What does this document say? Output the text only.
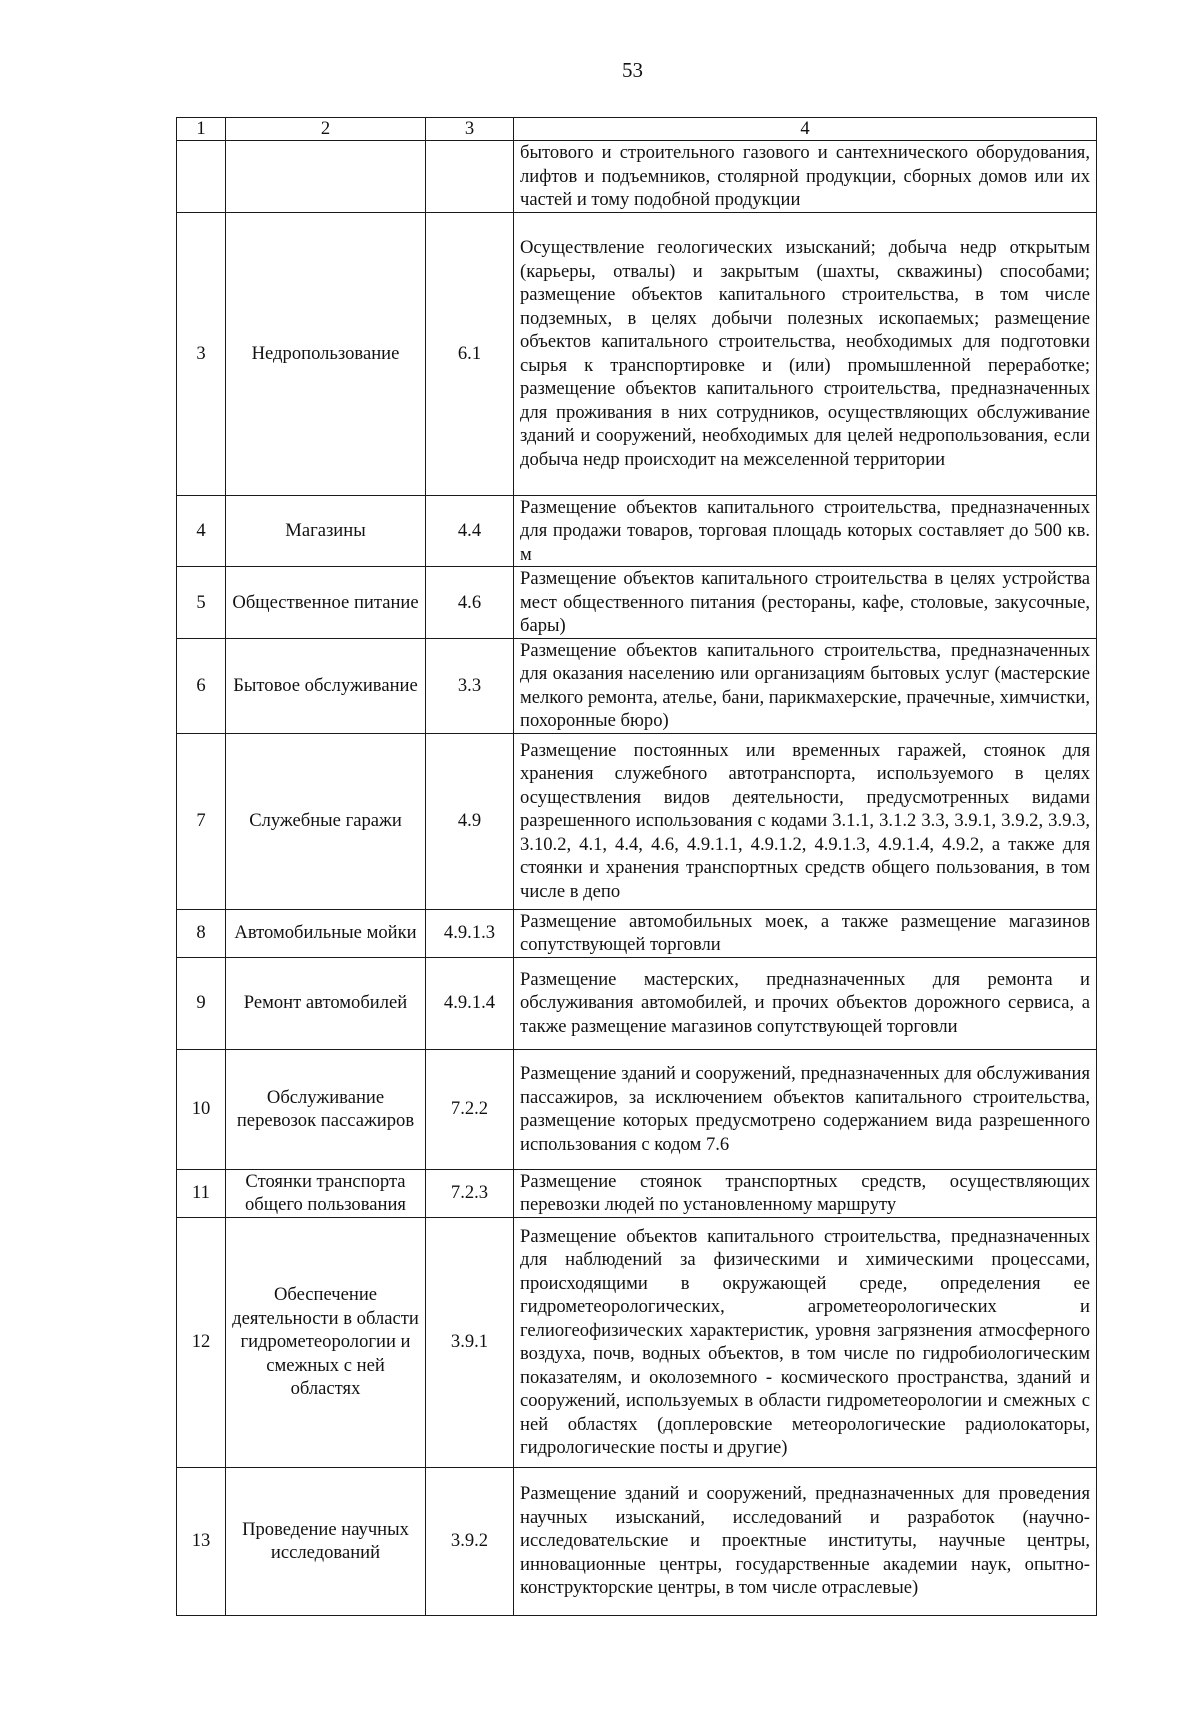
53
1	2	3	4
			бытового и строительного газового и сантехнического оборудования, лифтов и подъемников, столярной продукции, сборных домов или их частей и тому подобной продукции
3	Недропользование	6.1	Осуществление геологических изысканий; добыча недр открытым (карьеры, отвалы) и закрытым (шахты, скважины) способами; размещение объектов капитального строительства, в том числе подземных, в целях добычи полезных ископаемых; размещение объектов капитального строительства, необходимых для подготовки сырья к транспортировке и (или) промышленной переработке; размещение объектов капитального строительства, предназначенных для проживания в них сотрудников, осуществляющих обслуживание зданий и сооружений, необходимых для целей недропользования, если добыча недр происходит на межселенной территории
4	Магазины	4.4	Размещение объектов капитального строительства, предназначенных для продажи товаров, торговая площадь которых составляет до 500 кв. м
5	Общественное питание	4.6	Размещение объектов капитального строительства в целях устройства мест общественного питания (рестораны, кафе, столовые, закусочные, бары)
6	Бытовое обслуживание	3.3	Размещение объектов капитального строительства, предназначенных для оказания населению или организациям бытовых услуг (мастерские мелкого ремонта, ателье, бани, парикмахерские, прачечные, химчистки, похоронные бюро)
7	Служебные гаражи	4.9	Размещение постоянных или временных гаражей, стоянок для хранения служебного автотранспорта, используемого в целях осуществления видов деятельности, предусмотренных видами разрешенного использования с кодами 3.1.1, 3.1.2 3.3, 3.9.1, 3.9.2, 3.9.3, 3.10.2, 4.1, 4.4, 4.6, 4.9.1.1, 4.9.1.2, 4.9.1.3, 4.9.1.4, 4.9.2, а также для стоянки и хранения транспортных средств общего пользования, в том числе в депо
8	Автомобильные мойки	4.9.1.3	Размещение автомобильных моек, а также размещение магазинов сопутствующей торговли
9	Ремонт автомобилей	4.9.1.4	Размещение мастерских, предназначенных для ремонта и обслуживания автомобилей, и прочих объектов дорожного сервиса, а также размещение магазинов сопутствующей торговли
10	Обслуживание перевозок пассажиров	7.2.2	Размещение зданий и сооружений, предназначенных для обслуживания пассажиров, за исключением объектов капитального строительства, размещение которых предусмотрено содержанием вида разрешенного использования с кодом 7.6
11	Стоянки транспорта общего пользования	7.2.3	Размещение стоянок транспортных средств, осуществляющих перевозки людей по установленному маршруту
12	Обеспечение деятельности в области гидрометеорологии и смежных с ней областях	3.9.1	Размещение объектов капитального строительства, предназначенных для наблюдений за физическими и химическими процессами, происходящими в окружающей среде, определения ее гидрометеорологических, агрометеорологических и гелиогеофизических характеристик, уровня загрязнения атмосферного воздуха, почв, водных объектов, в том числе по гидробиологическим показателям, и околоземного - космического пространства, зданий и сооружений, используемых в области гидрометеорологии и смежных с ней областях (доплеровские метеорологические радиолокаторы, гидрологические посты и другие)
13	Проведение научных исследований	3.9.2	Размещение зданий и сооружений, предназначенных для проведения научных изысканий, исследований и разработок (научно-исследовательские и проектные институты, научные центры, инновационные центры, государственные академии наук, опытно-конструкторские центры, в том числе отраслевые)
